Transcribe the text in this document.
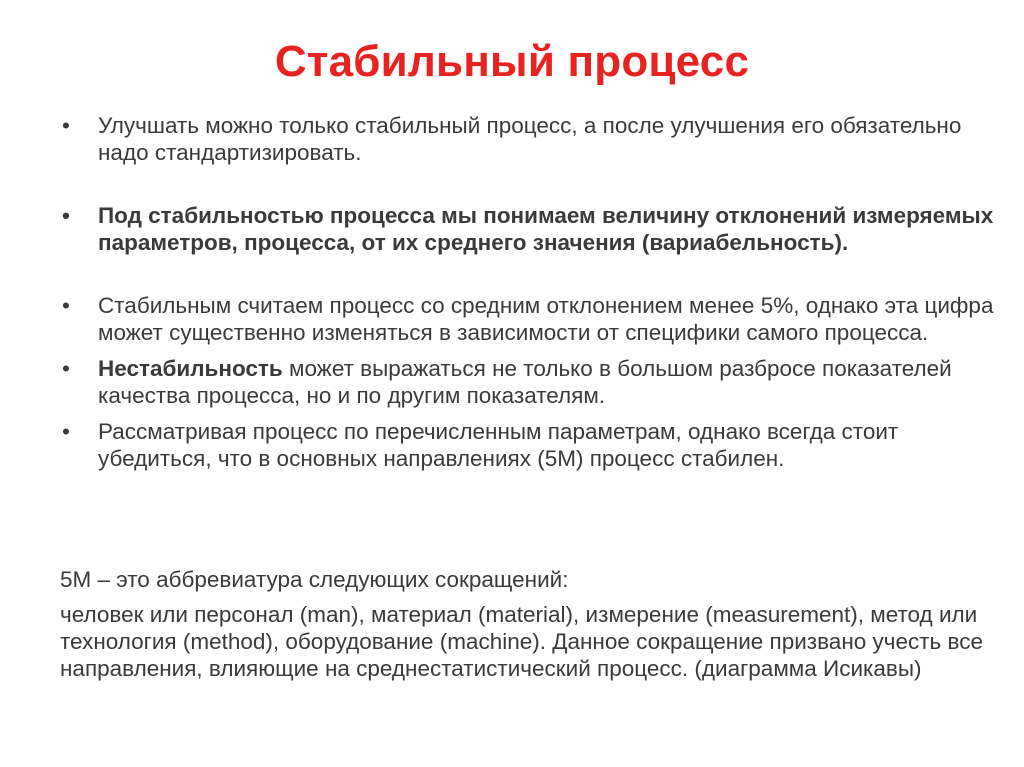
Стабильный процесс
• Улучшать можно только стабильный процесс, а после улучшения его обязательно надо стандартизировать.
• Под стабильностью процесса мы понимаем величину отклонений измеряемых параметров, процесса, от их среднего значения (вариабельность).
• Стабильным считаем процесс со средним отклонением менее 5%, однако эта цифра может существенно изменяться в зависимости от специфики самого процесса.
• Нестабильность может выражаться не только в большом разбросе показателей качества процесса, но и по другим показателям.
• Рассматривая процесс по перечисленным параметрам, однако всегда стоит убедиться, что в основных направлениях (5М) процесс стабилен.
5М – это аббревиатура следующих сокращений:
человек или персонал (man), материал (material), измерение (measurement), метод или технология (method), оборудование (machine). Данное сокращение призвано учесть все направления, влияющие на среднестатистический процесс. (диаграмма Исикавы)
